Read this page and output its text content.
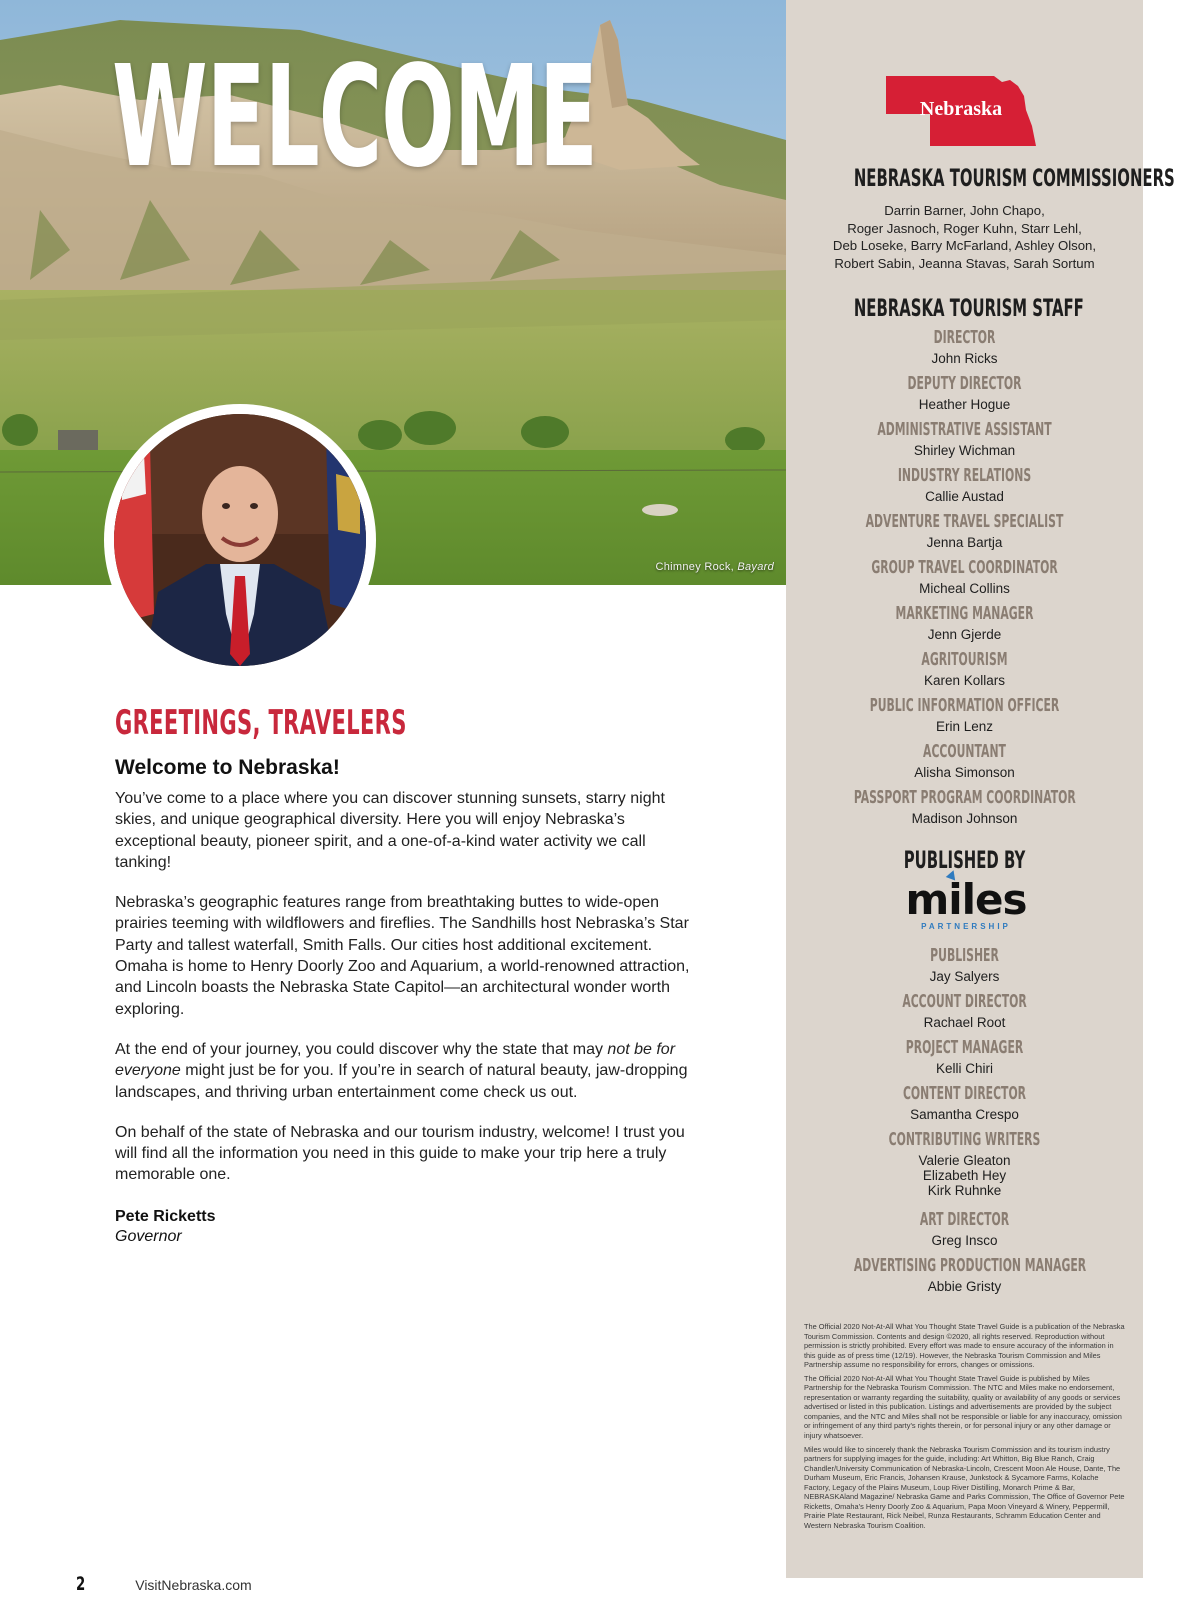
WELCOME
Chimney Rock, Bayard
GREETINGS, TRAVELERS
Welcome to Nebraska!

You’ve come to a place where you can discover stunning sunsets, starry night skies, and unique geographical diversity. Here you will enjoy Nebraska’s exceptional beauty, pioneer spirit, and a one-of-a-kind water activity we call tanking!

Nebraska’s geographic features range from breathtaking buttes to wide-open prairies teeming with wildflowers and fireflies. The Sandhills host Nebraska’s Star Party and tallest waterfall, Smith Falls. Our cities host additional excitement. Omaha is home to Henry Doorly Zoo and Aquarium, a world-renowned attraction, and Lincoln boasts the Nebraska State Capitol—an architectural wonder worth exploring.

At the end of your journey, you could discover why the state that may not be for everyone might just be for you. If you’re in search of natural beauty, jaw-dropping landscapes, and thriving urban entertainment come check us out.

On behalf of the state of Nebraska and our tourism industry, welcome! I trust you will find all the information you need in this guide to make your trip here a truly memorable one.

Pete Ricketts
Governor
2	VisitNebraska.com
Nebraska
NEBRASKA TOURISM COMMISSIONERS
Darrin Barner, John Chapo,
Roger Jasnoch, Roger Kuhn, Starr Lehl,
Deb Loseke, Barry McFarland, Ashley Olson,
Robert Sabin, Jeanna Stavas, Sarah Sortum
NEBRASKA TOURISM STAFF
DIRECTOR
John Ricks
DEPUTY DIRECTOR
Heather Hogue
ADMINISTRATIVE ASSISTANT
Shirley Wichman
INDUSTRY RELATIONS
Callie Austad
ADVENTURE TRAVEL SPECIALIST
Jenna Bartja
GROUP TRAVEL COORDINATOR
Micheal Collins
MARKETING MANAGER
Jenn Gjerde
AGRITOURISM
Karen Kollars
PUBLIC INFORMATION OFFICER
Erin Lenz
ACCOUNTANT
Alisha Simonson
PASSPORT PROGRAM COORDINATOR
Madison Johnson
PUBLISHED BY
miles
PARTNERSHIP
PUBLISHER
Jay Salyers
ACCOUNT DIRECTOR
Rachael Root
PROJECT MANAGER
Kelli Chiri
CONTENT DIRECTOR
Samantha Crespo
CONTRIBUTING WRITERS
Valerie Gleaton
Elizabeth Hey
Kirk Ruhnke
ART DIRECTOR
Greg Insco
ADVERTISING PRODUCTION MANAGER
Abbie Gristy

The Official 2020 Not-At-All What You Thought State Travel Guide is a publication of the Nebraska Tourism Commission. Contents and design ©2020, all rights reserved. Reproduction without permission is strictly prohibited. Every effort was made to ensure accuracy of the information in this guide as of press time (12/19). However, the Nebraska Tourism Commission and Miles Partnership assume no responsibility for errors, changes or omissions.

The Official 2020 Not-At-All What You Thought State Travel Guide is published by Miles Partnership for the Nebraska Tourism Commission. The NTC and Miles make no endorsement, representation or warranty regarding the suitability, quality or availability of any goods or services advertised or listed in this publication. Listings and advertisements are provided by the subject companies, and the NTC and Miles shall not be responsible or liable for any inaccuracy, omission or infringement of any third party’s rights therein, or for personal injury or any other damage or injury whatsoever.

Miles would like to sincerely thank the Nebraska Tourism Commission and its tourism industry partners for supplying images for the guide, including: Art Whitton, Big Blue Ranch, Craig Chandler/University Communication of Nebraska-Lincoln, Crescent Moon Ale House, Dante, The Durham Museum, Eric Francis, Johansen Krause, Junkstock & Sycamore Farms, Kolache Factory, Legacy of the Plains Museum, Loup River Distilling, Monarch Prime & Bar, NEBRASKAland Magazine/ Nebraska Game and Parks Commission, The Office of Governor Pete Ricketts, Omaha’s Henry Doorly Zoo & Aquarium, Papa Moon Vineyard & Winery, Peppermill, Prairie Plate Restaurant, Rick Neibel, Runza Restaurants, Schramm Education Center and Western Nebraska Tourism Coalition.
